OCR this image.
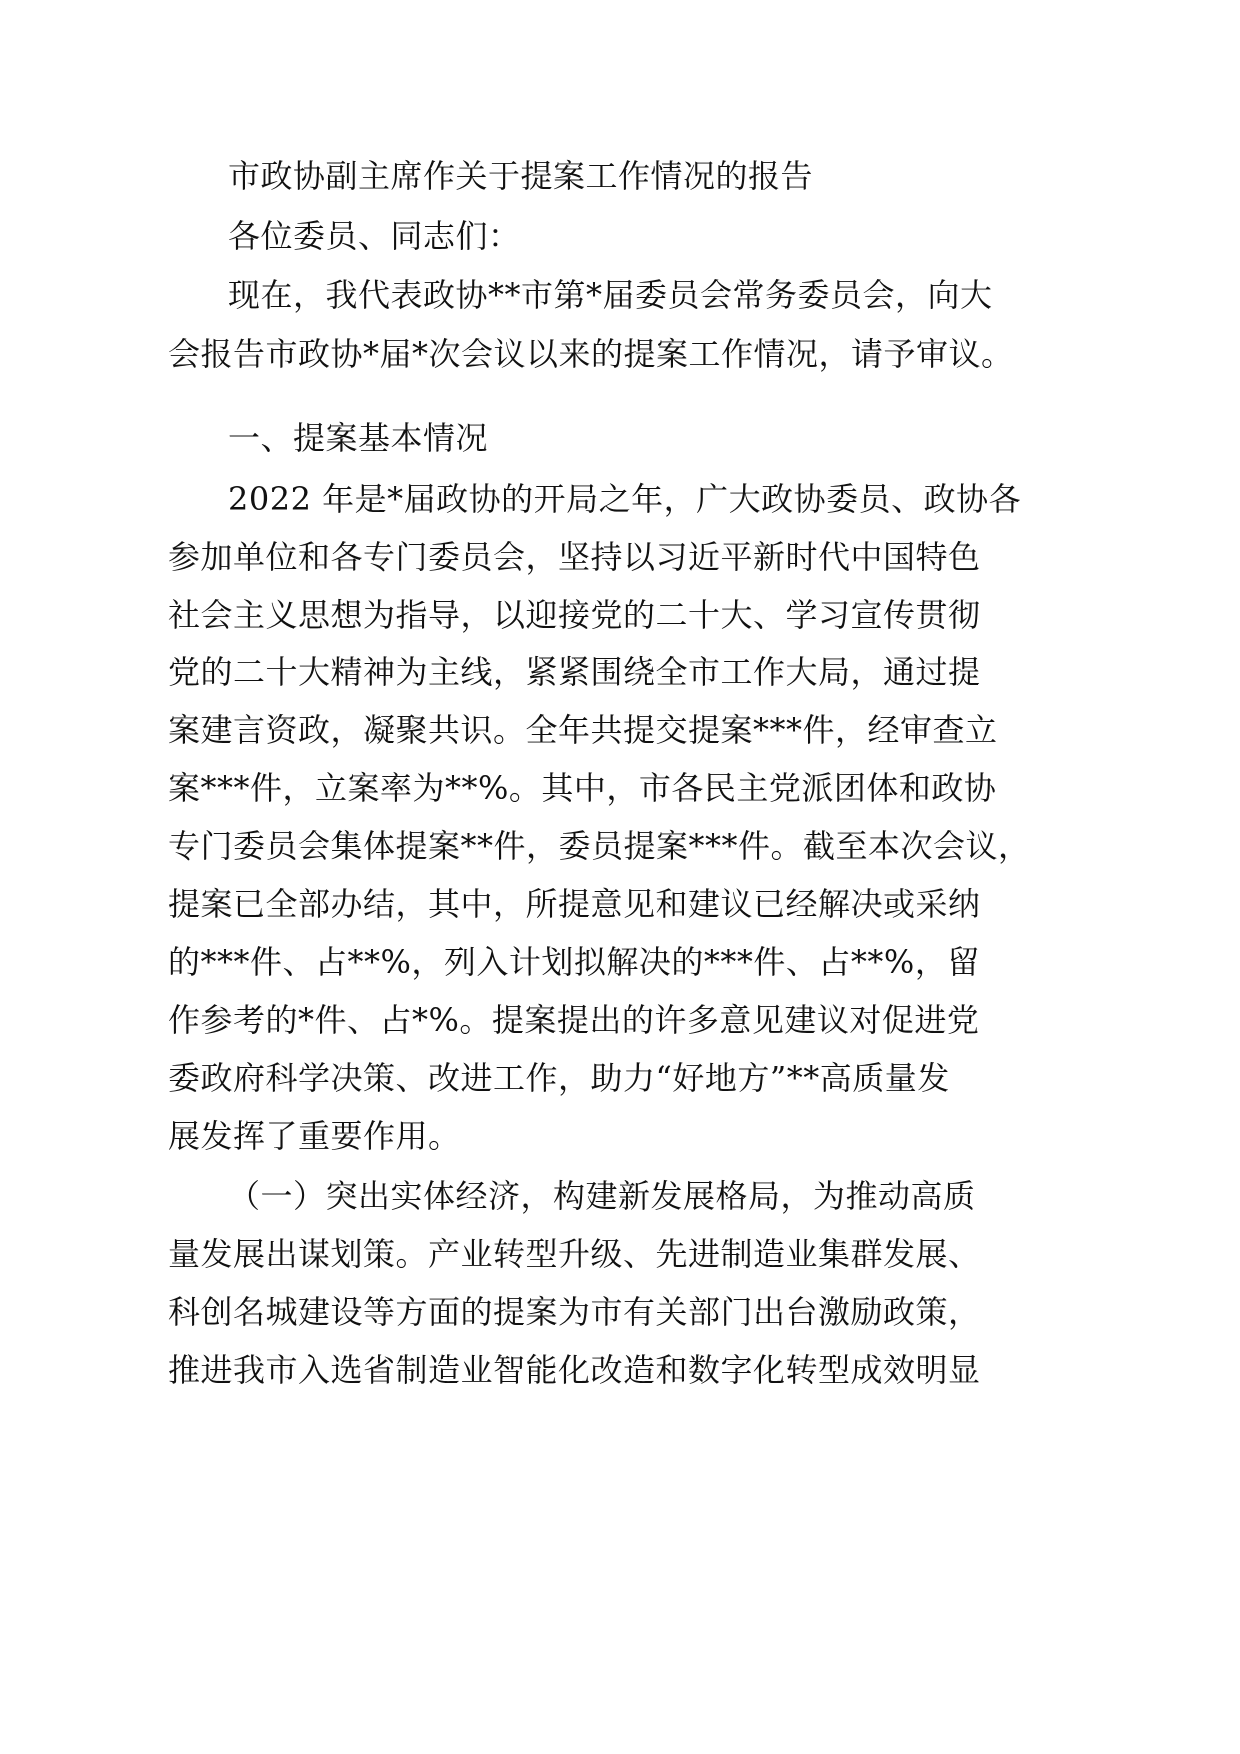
市政协副主席作关于提案工作情况的报告
各位委员、同志们：
现在，我代表政协**市第*届委员会常务委员会，向大
会报告市政协*届*次会议以来的提案工作情况，请予审议。
一、提案基本情况
2022 年是*届政协的开局之年，广大政协委员、政协各
参加单位和各专门委员会，坚持以习近平新时代中国特色
社会主义思想为指导，以迎接党的二十大、学习宣传贯彻
党的二十大精神为主线，紧紧围绕全市工作大局，通过提
案建言资政，凝聚共识。全年共提交提案***件，经审查立
案***件，立案率为**%。其中，市各民主党派团体和政协
专门委员会集体提案**件，委员提案***件。截至本次会议，
提案已全部办结，其中，所提意见和建议已经解决或采纳
的***件、占**%，列入计划拟解决的***件、占**%，留
作参考的*件、占*%。提案提出的许多意见建议对促进党
委政府科学决策、改进工作，助力“好地方”**高质量发
展发挥了重要作用。
（一）突出实体经济，构建新发展格局，为推动高质
量发展出谋划策。产业转型升级、先进制造业集群发展、
科创名城建设等方面的提案为市有关部门出台激励政策，
推进我市入选省制造业智能化改造和数字化转型成效明显
